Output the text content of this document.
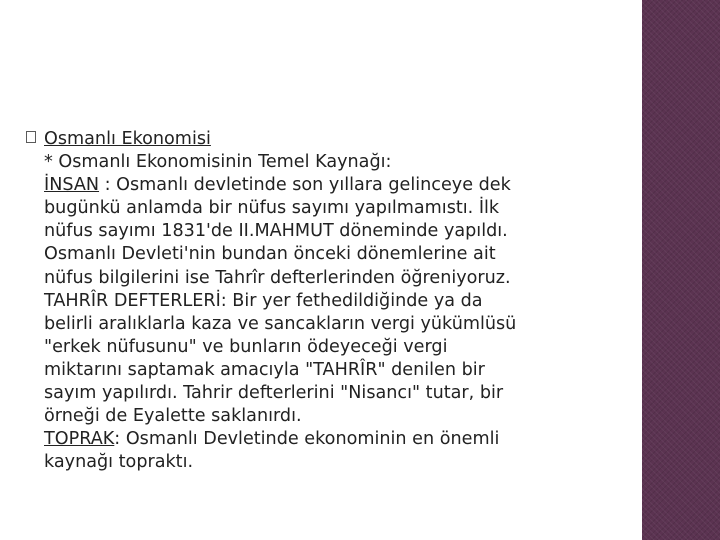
Osmanlı Ekonomisi
* Osmanlı Ekonomisinin Temel Kaynağı:
İNSAN : Osmanlı devletinde son yıllara gelinceye dek
bugünkü anlamda bir nüfus sayımı yapılmamıstı. İlk
nüfus sayımı 1831'de II.MAHMUT döneminde yapıldı.
Osmanlı Devleti'nin bundan önceki dönemlerine ait
nüfus bilgilerini ise Tahrîr defterlerinden öğreniyoruz.
TAHRÎR DEFTERLERİ: Bir yer fethedildiğinde ya da
belirli aralıklarla kaza ve sancakların vergi yükümlüsü
"erkek nüfusunu" ve bunların ödeyeceği vergi
miktarını saptamak amacıyla "TAHRÎR" denilen bir
sayım yapılırdı. Tahrir defterlerini "Nisancı" tutar, bir
örneği de Eyalette saklanırdı.
TOPRAK: Osmanlı Devletinde ekonominin en önemli
kaynağı topraktı.
